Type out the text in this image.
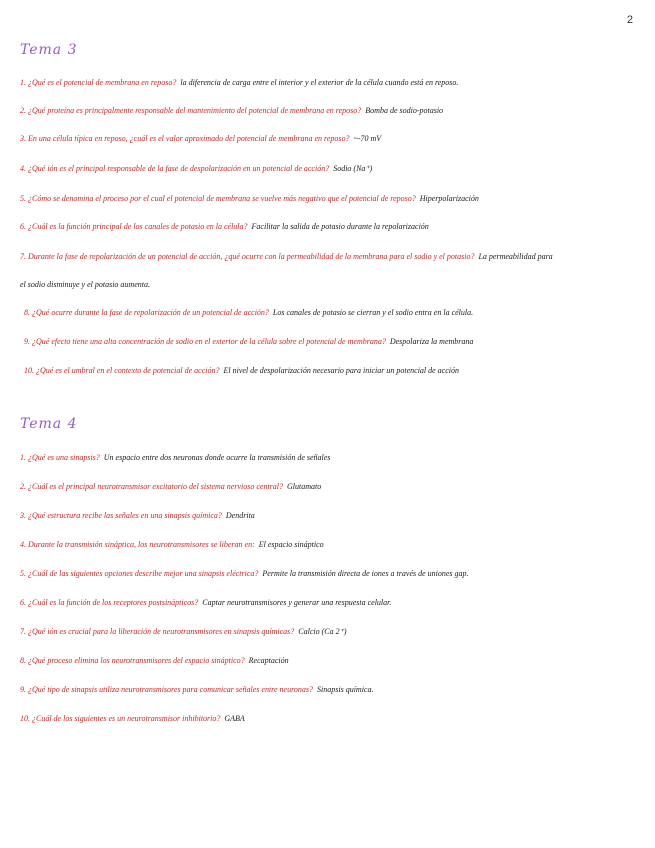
2
Tema 3
1. ¿Qué es el potencial de membrana en reposo? la diferencia de carga entre el interior y el exterior de la célula cuando está en reposo.
2. ¿Qué proteína es principalmente responsable del mantenimiento del potencial de membrana en reposo? Bomba de sodio-potasio
3. En una célula típica en reposo, ¿cuál es el valor aproximado del potencial de membrana en reposo? ~-70 mV
4. ¿Qué ión es el principal responsable de la fase de despolarización en un potencial de acción? Sodio (Na⁺)
5. ¿Cómo se denomina el proceso por el cual el potencial de membrana se vuelve más negativo que el potencial de reposo? Hiperpolarización
6. ¿Cuál es la función principal de los canales de potasio en la célula? Facilitar la salida de potasio durante la repolarización
7. Durante la fase de repolarización de un potencial de acción, ¿qué ocurre con la permeabilidad de la membrana para el sodio y el potasio? La permeabilidad para
el sodio disminuye y el potasio aumenta.
8. ¿Qué ocurre durante la fase de repolarización de un potencial de acción? Los canales de potasio se cierran y el sodio entra en la célula.
9. ¿Qué efecto tiene una alta concentración de sodio en el exterior de la célula sobre el potencial de membrana? Despolariza la membrana
10. ¿Qué es el umbral en el contexto de potencial de acción? El nivel de despolarización necesario para iniciar un potencial de acción
Tema 4
1. ¿Qué es una sinapsis? Un espacio entre dos neuronas donde ocurre la transmisión de señales
2. ¿Cuál es el principal neurotransmisor excitatorio del sistema nervioso central? Glutamato
3. ¿Qué estructura recibe las señales en una sinapsis química? Dendrita
4. Durante la transmisión sináptica, los neurotransmisores se liberan en: El espacio sináptico
5. ¿Cuál de las siguientes opciones describe mejor una sinapsis eléctrica? Permite la transmisión directa de iones a través de uniones gap.
6. ¿Cuál es la función de los receptores postsinápticos? Captar neurotransmisores y generar una respuesta celular.
7. ¿Qué ión es crucial para la liberación de neurotransmisores en sinapsis químicas? Calcio (Ca 2⁺)
8. ¿Qué proceso elimina los neurotransmisores del espacio sináptico? Recaptación
9. ¿Qué tipo de sinapsis utiliza neurotransmisores para comunicar señales entre neuronas? Sinapsis química.
10. ¿Cuál de los siguientes es un neurotransmisor inhibitorio? GABA
